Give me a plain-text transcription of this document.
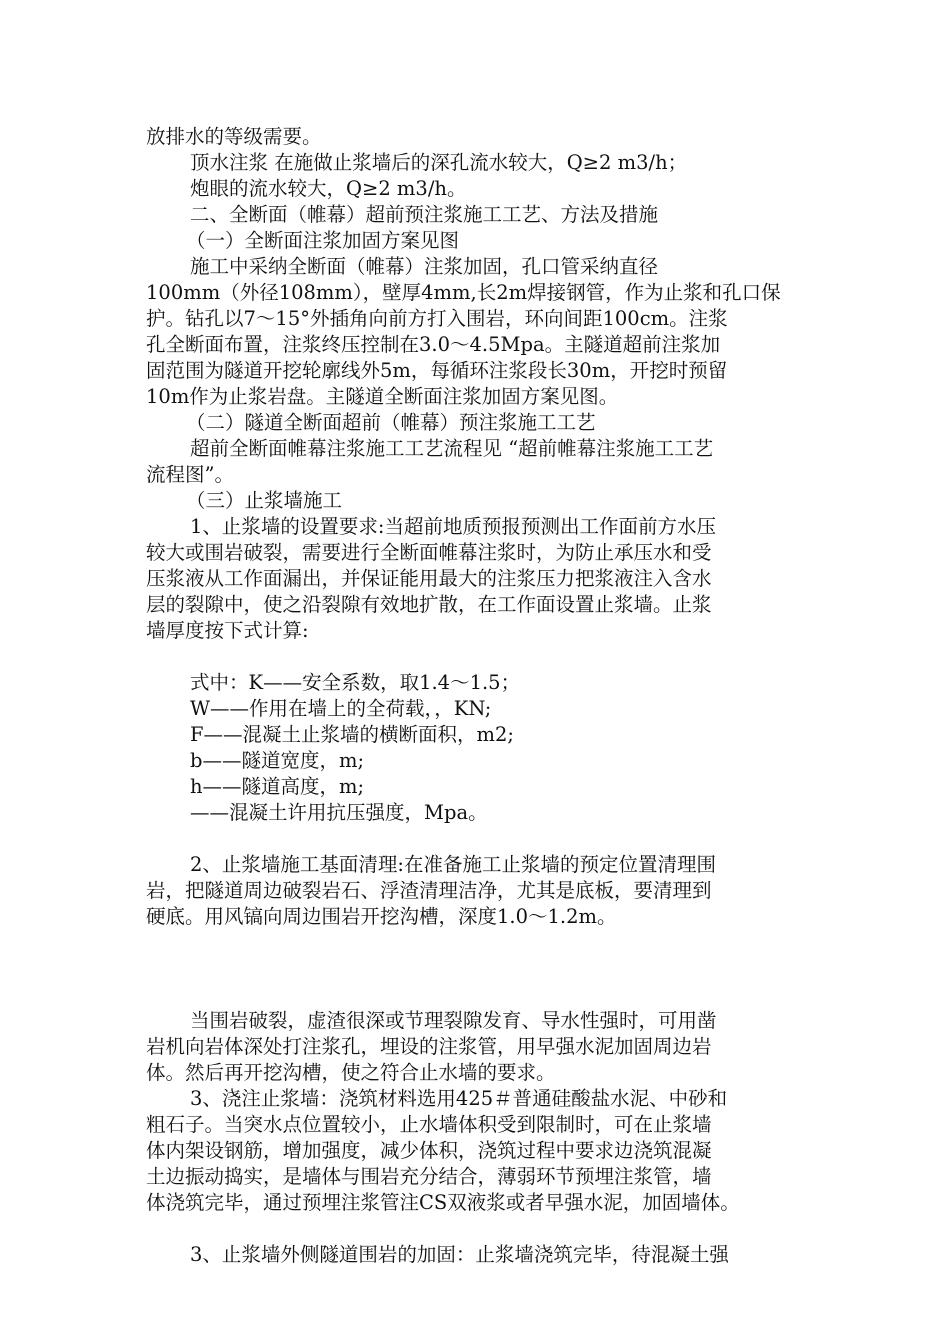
放排水的等级需要。
顶水注浆 在施做止浆墙后的深孔流水较大，Q≥2 m3/h；
炮眼的流水较大，Q≥2 m3/h。
二、全断面（帷幕）超前预注浆施工工艺、方法及措施
（一）全断面注浆加固方案见图
施工中采纳全断面（帷幕）注浆加固，孔口管采纳直径
100mm（外径108mm），壁厚4mm,长2m焊接钢管，作为止浆和孔口保
护。钻孔以7～15°外插角向前方打入围岩，环向间距100cm。注浆
孔全断面布置，注浆终压控制在3.0～4.5Mpa。主隧道超前注浆加
固范围为隧道开挖轮廓线外5m，每循环注浆段长30m，开挖时预留
10m作为止浆岩盘。主隧道全断面注浆加固方案见图。
（二）隧道全断面超前（帷幕）预注浆施工工艺
超前全断面帷幕注浆施工工艺流程见 “超前帷幕注浆施工工艺
流程图”。
（三）止浆墙施工
1、止浆墙的设置要求:当超前地质预报预测出工作面前方水压
较大或围岩破裂，需要进行全断面帷幕注浆时，为防止承压水和受
压浆液从工作面漏出，并保证能用最大的注浆压力把浆液注入含水
层的裂隙中，使之沿裂隙有效地扩散，在工作面设置止浆墙。止浆
墙厚度按下式计算:
式中：K——安全系数，取1.4～1.5；
W——作用在墙上的全荷载，，KN;
F——混凝土止浆墙的横断面积，m2;
b——隧道宽度，m;
h——隧道高度，m;
——混凝土许用抗压强度，Mpa。
2、止浆墙施工基面清理:在准备施工止浆墙的预定位置清理围
岩，把隧道周边破裂岩石、浮渣清理洁净，尤其是底板，要清理到
硬底。用风镐向周边围岩开挖沟槽，深度1.0～1.2m。
当围岩破裂，虚渣很深或节理裂隙发育、导水性强时，可用凿
岩机向岩体深处打注浆孔，埋设的注浆管，用早强水泥加固周边岩
体。然后再开挖沟槽，使之符合止水墙的要求。
3、浇注止浆墙：浇筑材料选用425＃普通硅酸盐水泥、中砂和
粗石子。当突水点位置较小，止水墙体积受到限制时，可在止浆墙
体内架设钢筋，增加强度，减少体积，浇筑过程中要求边浇筑混凝
土边振动捣实，是墙体与围岩充分结合，薄弱环节预埋注浆管，墙
体浇筑完毕，通过预埋注浆管注CS双液浆或者早强水泥，加固墙体。
3、止浆墙外侧隧道围岩的加固：止浆墙浇筑完毕，待混凝土强
